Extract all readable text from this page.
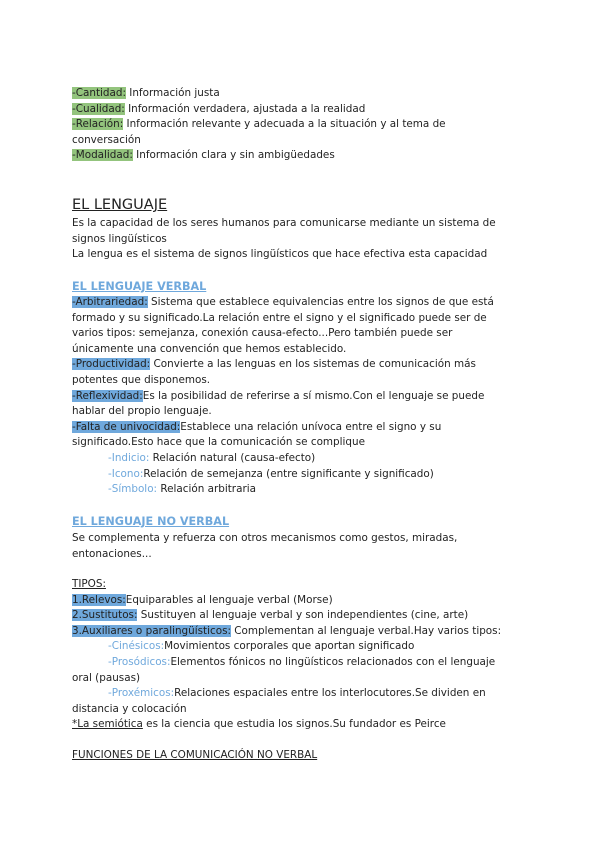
-Cantidad: Información justa
-Cualidad: Información verdadera, ajustada a la realidad
-Relación: Información relevante y adecuada a la situación y al tema de
conversación
-Modalidad: Información clara y sin ambigüedades
EL LENGUAJE
Es la capacidad de los seres humanos para comunicarse mediante un sistema de
signos lingüísticos
La lengua es el sistema de signos lingüísticos que hace efectiva esta capacidad
EL LENGUAJE VERBAL
-Arbitrariedad: Sistema que establece equivalencias entre los signos de que está
formado y su significado.La relación entre el signo y el significado puede ser de
varios tipos: semejanza, conexión causa-efecto...Pero también puede ser
únicamente una convención que hemos establecido.
-Productividad: Convierte a las lenguas en los sistemas de comunicación más
potentes que disponemos.
-Reflexividad:Es la posibilidad de referirse a sí mismo.Con el lenguaje se puede
hablar del propio lenguaje.
-Falta de univocidad:Establece una relación unívoca entre el signo y su
significado.Esto hace que la comunicación se complique
-Indicio: Relación natural (causa-efecto)
-Icono:Relación de semejanza (entre significante y significado)
-Símbolo: Relación arbitraria
EL LENGUAJE NO VERBAL
Se complementa y refuerza con otros mecanismos como gestos, miradas,
entonaciones...
TIPOS:
1.Relevos:Equiparables al lenguaje verbal (Morse)
2.Sustitutos: Sustituyen al lenguaje verbal y son independientes (cine, arte)
3.Auxiliares o paralingüísticos: Complementan al lenguaje verbal.Hay varios tipos:
-Cinésicos:Movimientos corporales que aportan significado
-Prosódicos:Elementos fónicos no lingüísticos relacionados con el lenguaje
oral (pausas)
-Proxémicos:Relaciones espaciales entre los interlocutores.Se dividen en
distancia y colocación
*La semiótica es la ciencia que estudia los signos.Su fundador es Peirce
FUNCIONES DE LA COMUNICACIÓN NO VERBAL
